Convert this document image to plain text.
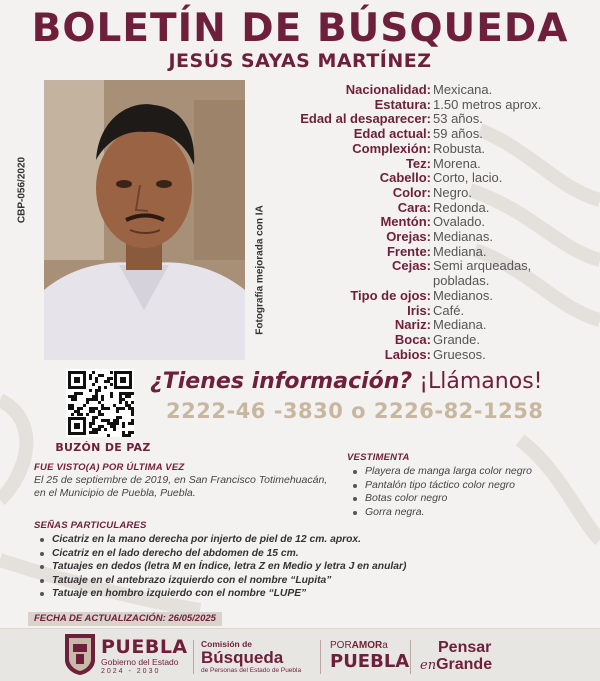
BOLETÍN DE BÚSQUEDA
JESÚS SAYAS MARTÍNEZ
CBP-056/2020
Fotografía mejorada con IA
Nacionalidad: Mexicana.
Estatura: 1.50 metros aprox.
Edad al desaparecer: 53 años.
Edad actual: 59 años.
Complexión: Robusta.
Tez: Morena.
Cabello: Corto, lacio.
Color: Negro.
Cara: Redonda.
Mentón: Ovalado.
Orejas: Medianas.
Frente: Mediana.
Cejas: Semi arqueadas, pobladas.
Tipo de ojos: Medianos.
Iris: Café.
Nariz: Mediana.
Boca: Grande.
Labios: Gruesos.
BUZÓN DE PAZ
¿Tienes información? ¡Llámanos!
2222-46 -3830 o 2226-82-1258
FUE VISTO(A) POR ÚLTIMA VEZ
El 25 de septiembre de 2019, en San Francisco Totimehuacán, en el Municipio de Puebla, Puebla.
VESTIMENTA
Playera de manga larga color negro
Pantalón tipo táctico color negro
Botas color negro
Gorra negra.
SEÑAS PARTICULARES
Cicatriz en la mano derecha por injerto de piel de 12 cm. aprox.
Cicatriz en el lado derecho del abdomen de 15 cm.
Tatuajes en dedos (letra M en Índice, letra Z en Medio y letra J en anular)
Tatuaje en el antebrazo izquierdo con el nombre “Lupita”
Tatuaje en hombro izquierdo con el nombre “LUPE”
FECHA DE ACTUALIZACIÓN: 26/05/2025
PUEBLA
Gobierno del Estado
2024 - 2030
Comisión de
Búsqueda
de Personas del Estado de Puebla
PORAMORa
PUEBLA
Pensar
enGrande
